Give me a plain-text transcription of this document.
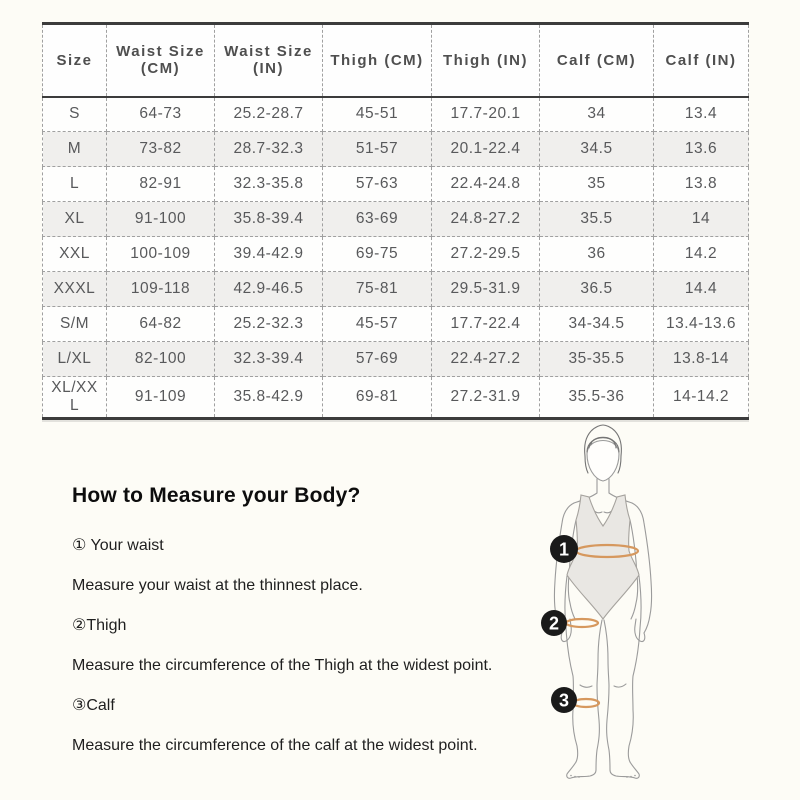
Size	Waist Size (CM)	Waist Size (IN)	Thigh (CM)	Thigh (IN)	Calf (CM)	Calf (IN)
S	64-73	25.2-28.7	45-51	17.7-20.1	34	13.4
M	73-82	28.7-32.3	51-57	20.1-22.4	34.5	13.6
L	82-91	32.3-35.8	57-63	22.4-24.8	35	13.8
XL	91-100	35.8-39.4	63-69	24.8-27.2	35.5	14
XXL	100-109	39.4-42.9	69-75	27.2-29.5	36	14.2
XXXL	109-118	42.9-46.5	75-81	29.5-31.9	36.5	14.4
S/M	64-82	25.2-32.3	45-57	17.7-22.4	34-34.5	13.4-13.6
L/XL	82-100	32.3-39.4	57-69	22.4-27.2	35-35.5	13.8-14
XL/XXL	91-109	35.8-42.9	69-81	27.2-31.9	35.5-36	14-14.2
How to Measure your Body?

① Your waist

Measure your waist at the thinnest place.

②Thigh

Measure the circumference of the Thigh at the widest point.

③Calf

Measure the circumference of the calf at the widest point.

1
2
3
